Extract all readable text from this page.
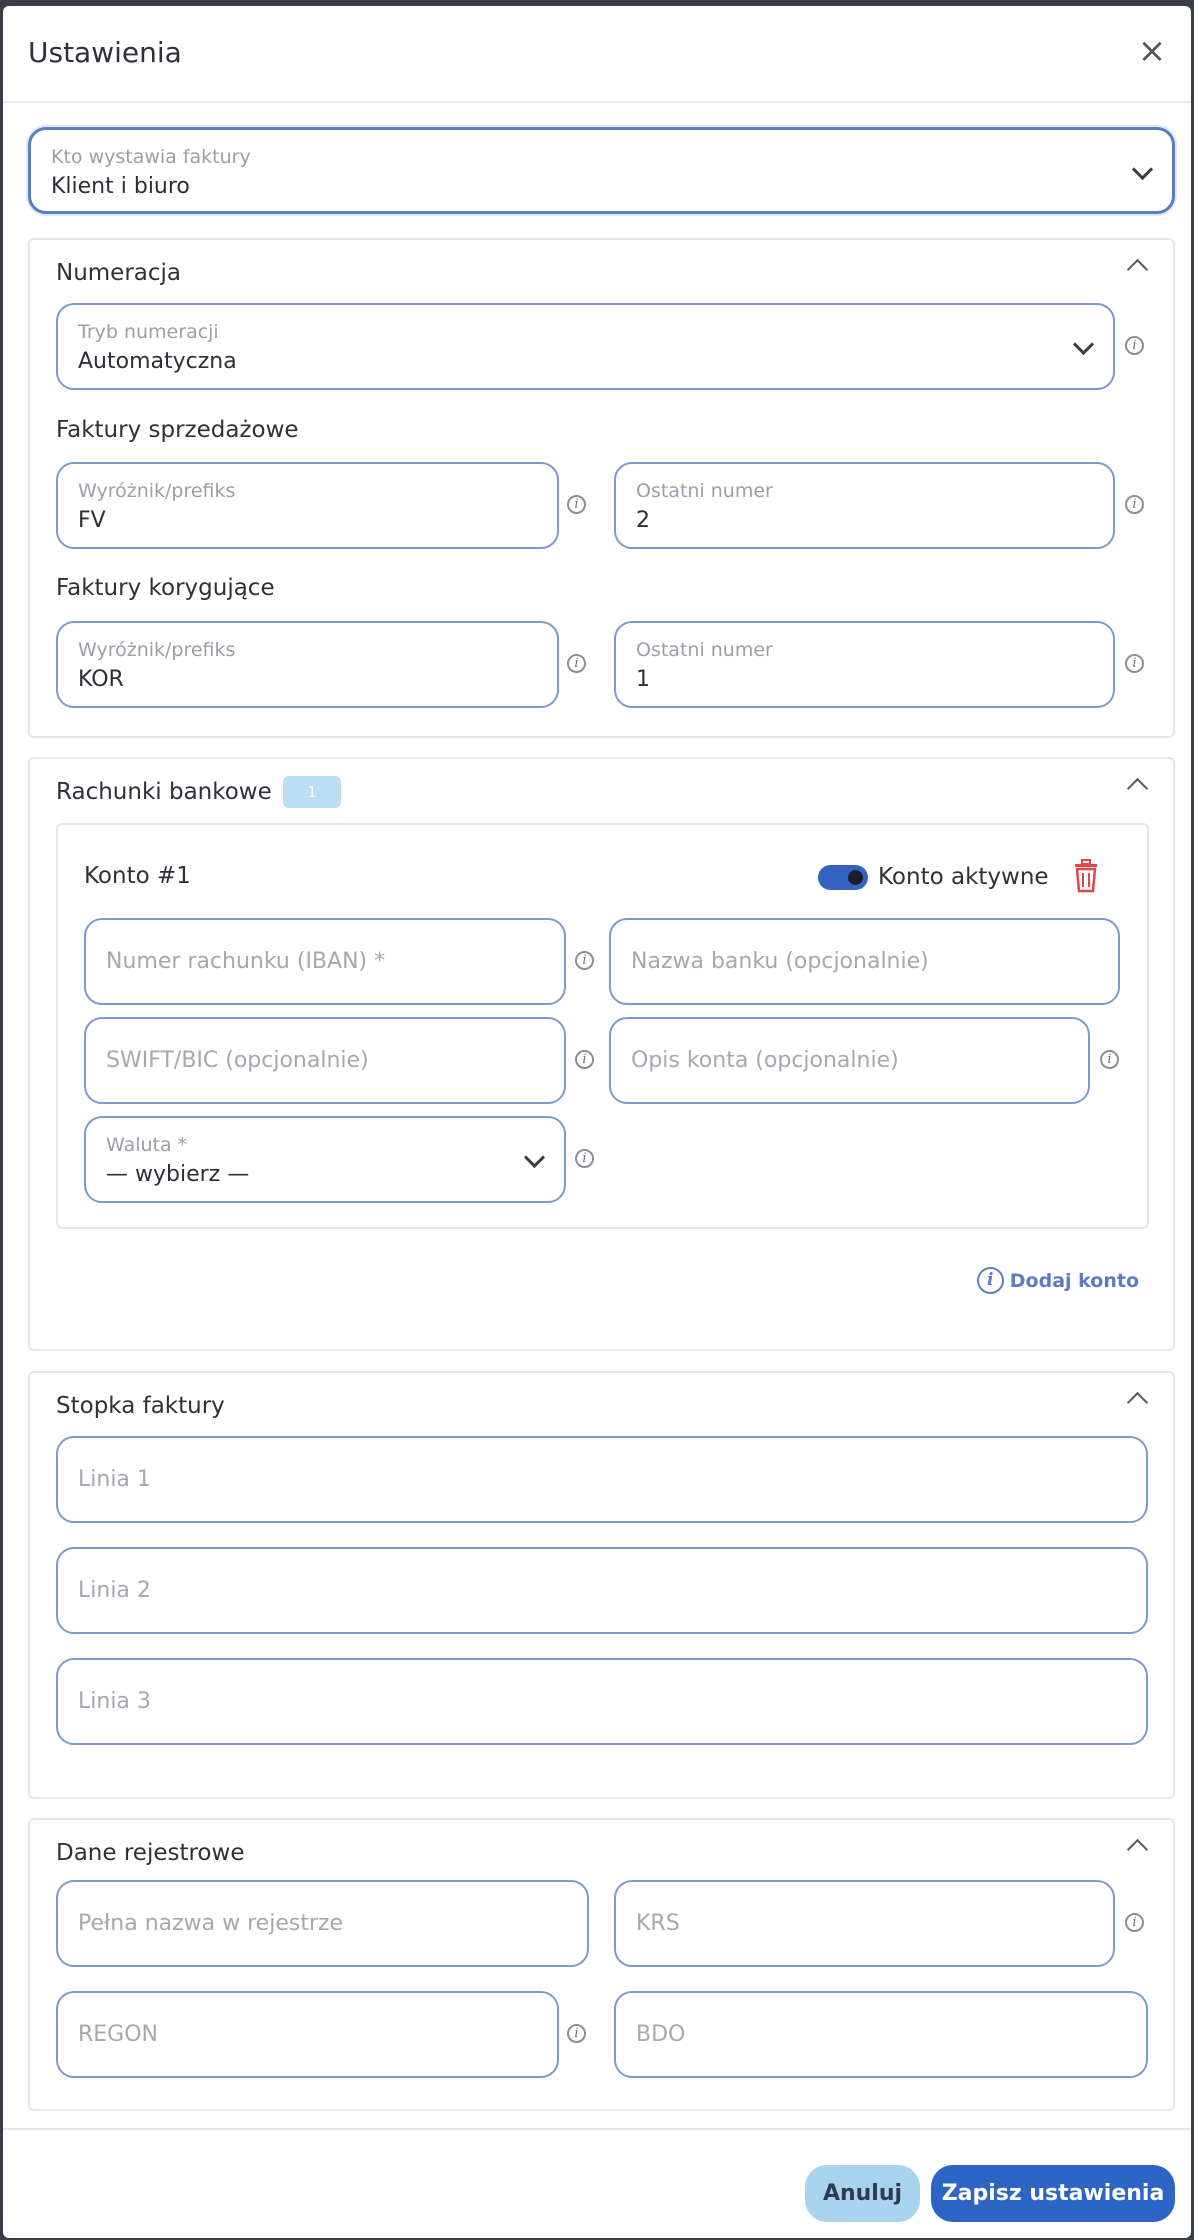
Ustawienia	×
Kto wystawia faktury
Klient i biuro
Numeracja
Tryb numeracji
Automatyczna
i
Faktury sprzedażowe
Wyróżnik/prefiks
FV
i
Ostatni numer
2
i
Faktury korygujące
Wyróżnik/prefiks
KOR
i
Ostatni numer
1
i
Rachunki bankowe	1
Konto #1	Konto aktywne
Numer rachunku (IBAN) *	i	Nazwa banku (opcjonalnie)
SWIFT/BIC (opcjonalnie)	i	Opis konta (opcjonalnie)	i
Waluta *
— wybierz —
i
i Dodaj konto
Stopka faktury
Linia 1
Linia 2
Linia 3
Dane rejestrowe
Pełna nazwa w rejestrze	KRS	i
REGON	i	BDO
Anuluj	Zapisz ustawienia
